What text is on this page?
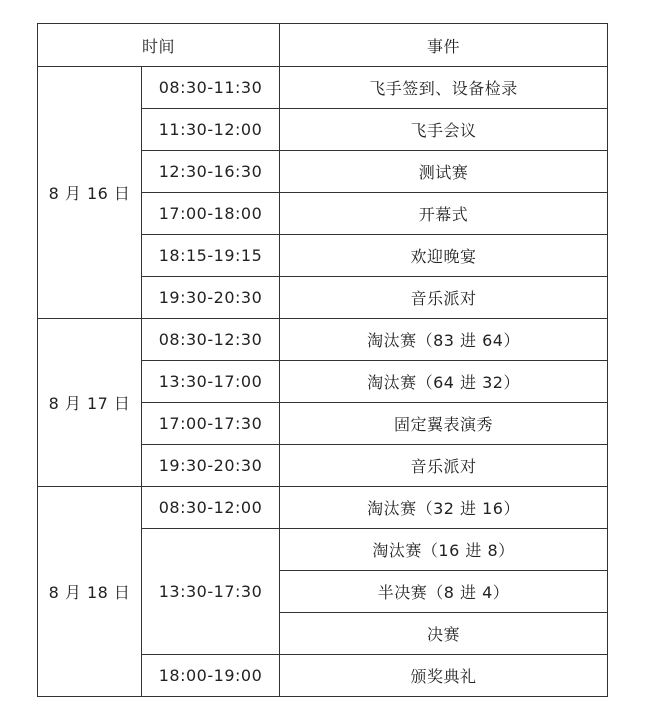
时间		事件
8 月 16 日	08:30-11:30	飞手签到、设备检录
	11:30-12:00	飞手会议
	12:30-16:30	测试赛
	17:00-18:00	开幕式
	18:15-19:15	欢迎晚宴
	19:30-20:30	音乐派对
8 月 17 日	08:30-12:30	淘汰赛（83 进 64）
	13:30-17:00	淘汰赛（64 进 32）
	17:00-17:30	固定翼表演秀
	19:30-20:30	音乐派对
8 月 18 日	08:30-12:00	淘汰赛（32 进 16）
	13:30-17:30	淘汰赛（16 进 8）
		半决赛（8 进 4）
		决赛
	18:00-19:00	颁奖典礼
